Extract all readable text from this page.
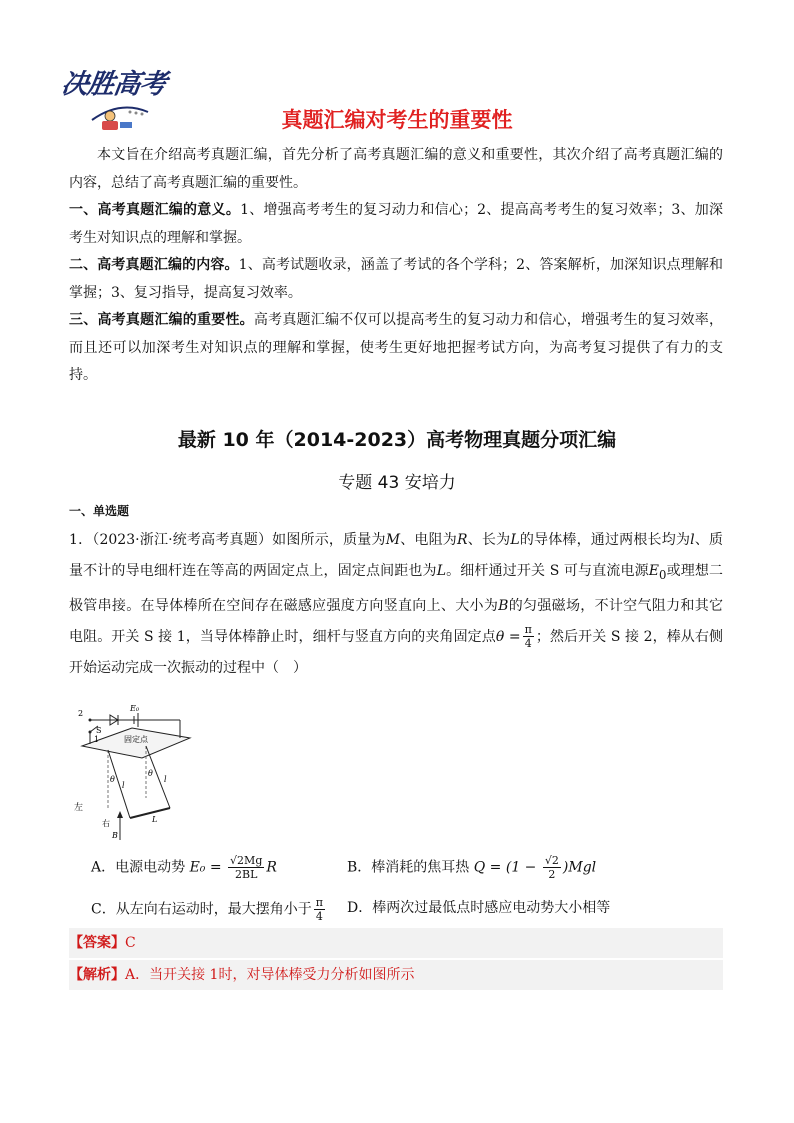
决胜高考
真题汇编对考生的重要性

本文旨在介绍高考真题汇编，首先分析了高考真题汇编的意义和重要性，其次介绍了高考真题汇编的内容，总结了高考真题汇编的重要性。

一、高考真题汇编的意义。1、增强高考考生的复习动力和信心；2、提高高考考生的复习效率；3、加深考生对知识点的理解和掌握。

二、高考真题汇编的内容。1、高考试题收录，涵盖了考试的各个学科；2、答案解析，加深知识点理解和掌握；3、复习指导，提高复习效率。

三、高考真题汇编的重要性。高考真题汇编不仅可以提高考生的复习动力和信心，增强考生的复习效率，而且还可以加深考生对知识点的理解和掌握，使考生更好地把握考试方向，为高考复习提供了有力的支持。

最新 10 年（2014-2023）高考物理真题分项汇编
专题 43 安培力
一、单选题

1．（2023·浙江·统考高考真题）如图所示，质量为M、电阻为R、长为L的导体棒，通过两根长均为l、质量不计的导电细杆连在等高的两固定点上，固定点间距也为L。细杆通过开关 S 可与直流电源$E_0$或理想二极管串接。在导体棒所在空间存在磁感应强度方向竖直向上、大小为B的匀强磁场，不计空气阻力和其它电阻。开关 S 接 1，当导体棒静止时，细杆与竖直方向的夹角固定点$\theta = \frac{\pi}{4}$ ；然后开关 S 接 2，棒从右侧开始运动完成一次振动的过程中（　）

2
S
1
E₀
固定点
θ
θ
l
l
左
右
B
L
A．电源电动势 $E_0 = \frac{√2Mg}{2BL}$ R	B．棒消耗的焦耳热 $Q = (1 - \frac{√2}{2} )Mgl$
C．从左向右运动时，最大摆角小于 $\frac{\pi}{4}$ D．棒两次过最低点时感应电动势大小相等
【答案】C
【解析】A．当开关接 1时，对导体棒受力分析如图所示
